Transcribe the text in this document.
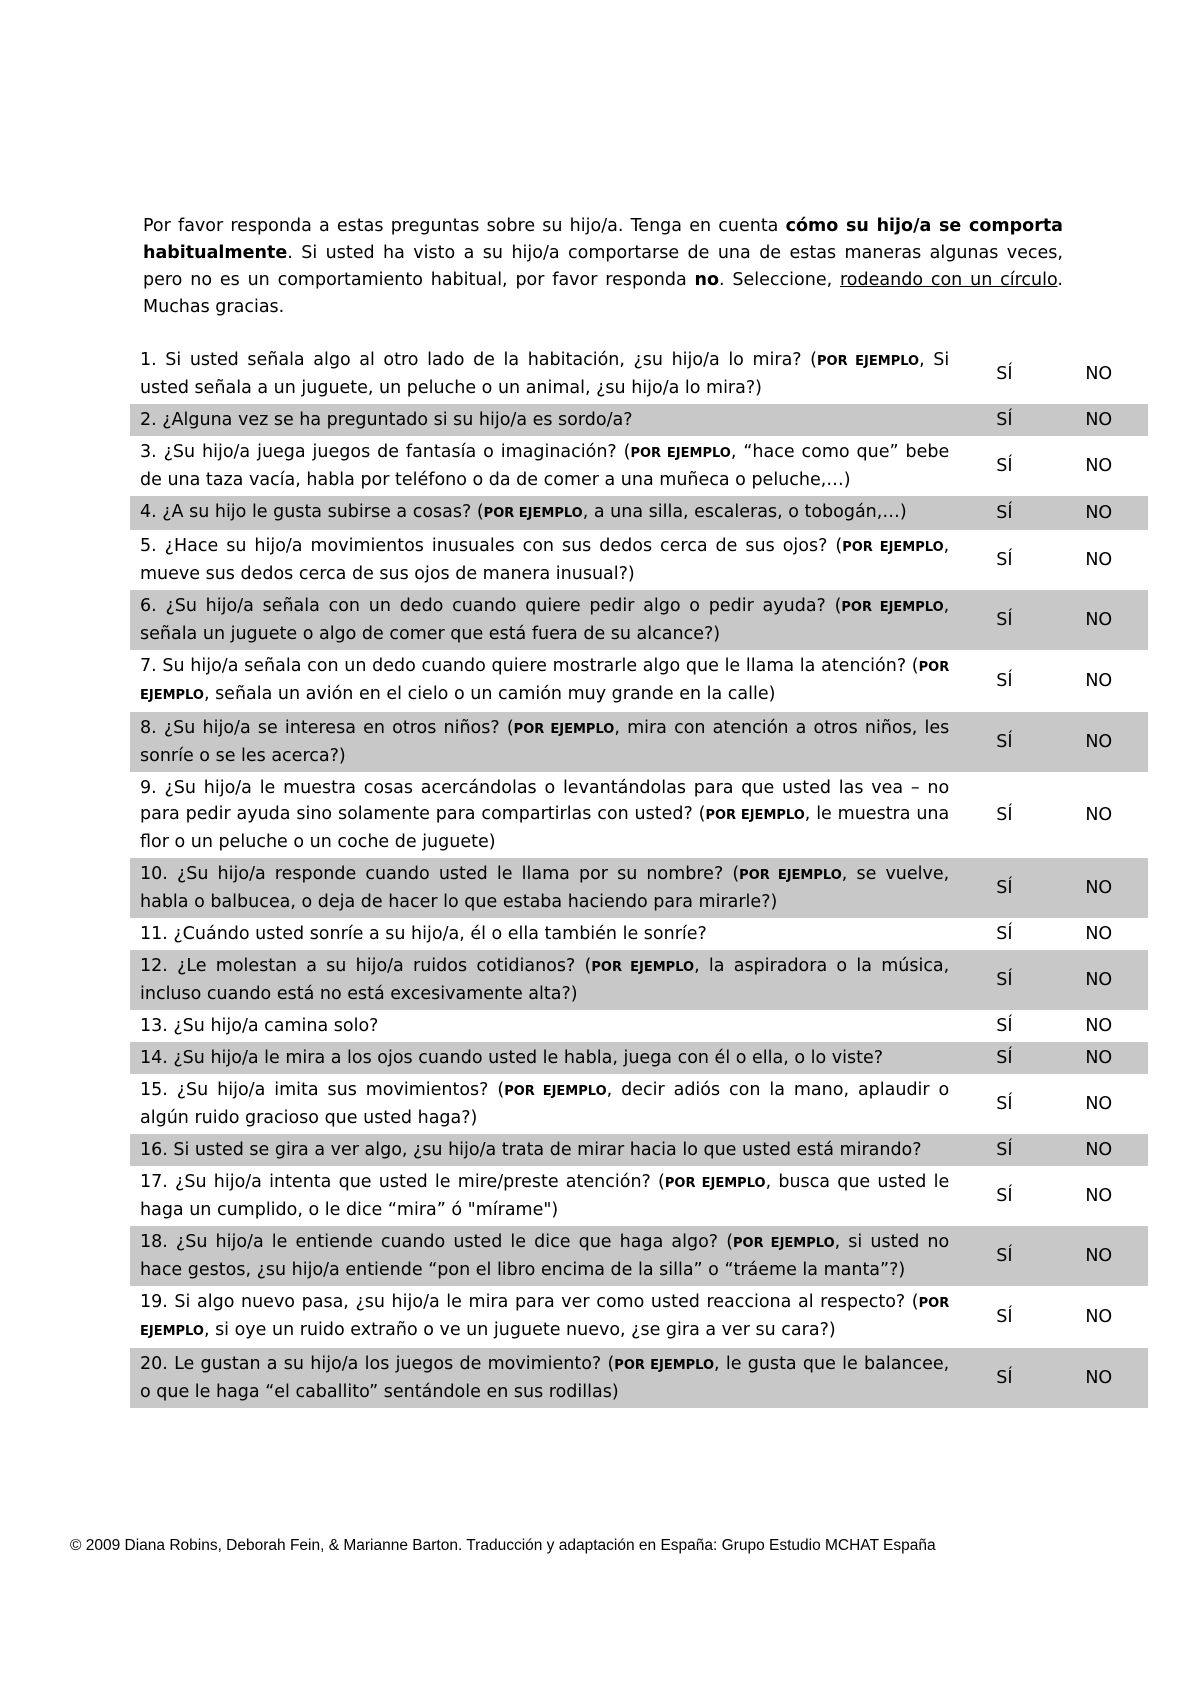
Por favor responda a estas preguntas sobre su hijo/a. Tenga en cuenta cómo su hijo/a se comporta habitualmente. Si usted ha visto a su hijo/a comportarse de una de estas maneras algunas veces, pero no es un comportamiento habitual, por favor responda no. Seleccione, rodeando con un círculo. Muchas gracias.

1. Si usted señala algo al otro lado de la habitación, ¿su hijo/a lo mira? (POR EJEMPLO, Si usted señala a un juguete, un peluche o un animal, ¿su hijo/a lo mira?)	SÍ	NO
2. ¿Alguna vez se ha preguntado si su hijo/a es sordo/a?	SÍ	NO
3. ¿Su hijo/a juega juegos de fantasía o imaginación? (POR EJEMPLO, “hace como que” bebe de una taza vacía, habla por teléfono o da de comer a una muñeca o peluche,…)	SÍ	NO
4. ¿A su hijo le gusta subirse a cosas? (POR EJEMPLO, a una silla, escaleras, o tobogán,…)	SÍ	NO
5. ¿Hace su hijo/a movimientos inusuales con sus dedos cerca de sus ojos? (POR EJEMPLO, mueve sus dedos cerca de sus ojos de manera inusual?)	SÍ	NO
6. ¿Su hijo/a señala con un dedo cuando quiere pedir algo o pedir ayuda? (POR EJEMPLO, señala un juguete o algo de comer que está fuera de su alcance?)	SÍ	NO
7. Su hijo/a señala con un dedo cuando quiere mostrarle algo que le llama la atención? (POR EJEMPLO, señala un avión en el cielo o un camión muy grande en la calle)	SÍ	NO
8. ¿Su hijo/a se interesa en otros niños? (POR EJEMPLO, mira con atención a otros niños, les sonríe o se les acerca?)	SÍ	NO
9. ¿Su hijo/a le muestra cosas acercándolas o levantándolas para que usted las vea – no para pedir ayuda sino solamente para compartirlas con usted? (POR EJEMPLO, le muestra una flor o un peluche o un coche de juguete)	SÍ	NO
10. ¿Su hijo/a responde cuando usted le llama por su nombre? (POR EJEMPLO, se vuelve, habla o balbucea, o deja de hacer lo que estaba haciendo para mirarle?)	SÍ	NO
11. ¿Cuándo usted sonríe a su hijo/a, él o ella también le sonríe?	SÍ	NO
12. ¿Le molestan a su hijo/a ruidos cotidianos? (POR EJEMPLO, la aspiradora o la música, incluso cuando está no está excesivamente alta?)	SÍ	NO
13. ¿Su hijo/a camina solo?	SÍ	NO
14. ¿Su hijo/a le mira a los ojos cuando usted le habla, juega con él o ella, o lo viste?	SÍ	NO
15. ¿Su hijo/a imita sus movimientos? (POR EJEMPLO, decir adiós con la mano, aplaudir o algún ruido gracioso que usted haga?)	SÍ	NO
16. Si usted se gira a ver algo, ¿su hijo/a trata de mirar hacia lo que usted está mirando?	SÍ	NO
17. ¿Su hijo/a intenta que usted le mire/preste atención? (POR EJEMPLO, busca que usted le haga un cumplido, o le dice “mira” ó "mírame")	SÍ	NO
18. ¿Su hijo/a le entiende cuando usted le dice que haga algo? (POR EJEMPLO, si usted no hace gestos, ¿su hijo/a entiende “pon el libro encima de la silla” o “tráeme la manta”?)	SÍ	NO
19. Si algo nuevo pasa, ¿su hijo/a le mira para ver como usted reacciona al respecto? (POR EJEMPLO, si oye un ruido extraño o ve un juguete nuevo, ¿se gira a ver su cara?)	SÍ	NO
20. Le gustan a su hijo/a los juegos de movimiento? (POR EJEMPLO, le gusta que le balancee, o que le haga “el caballito” sentándole en sus rodillas)	SÍ	NO

© 2009 Diana Robins, Deborah Fein, & Marianne Barton. Traducción y adaptación en España: Grupo Estudio MCHAT España
